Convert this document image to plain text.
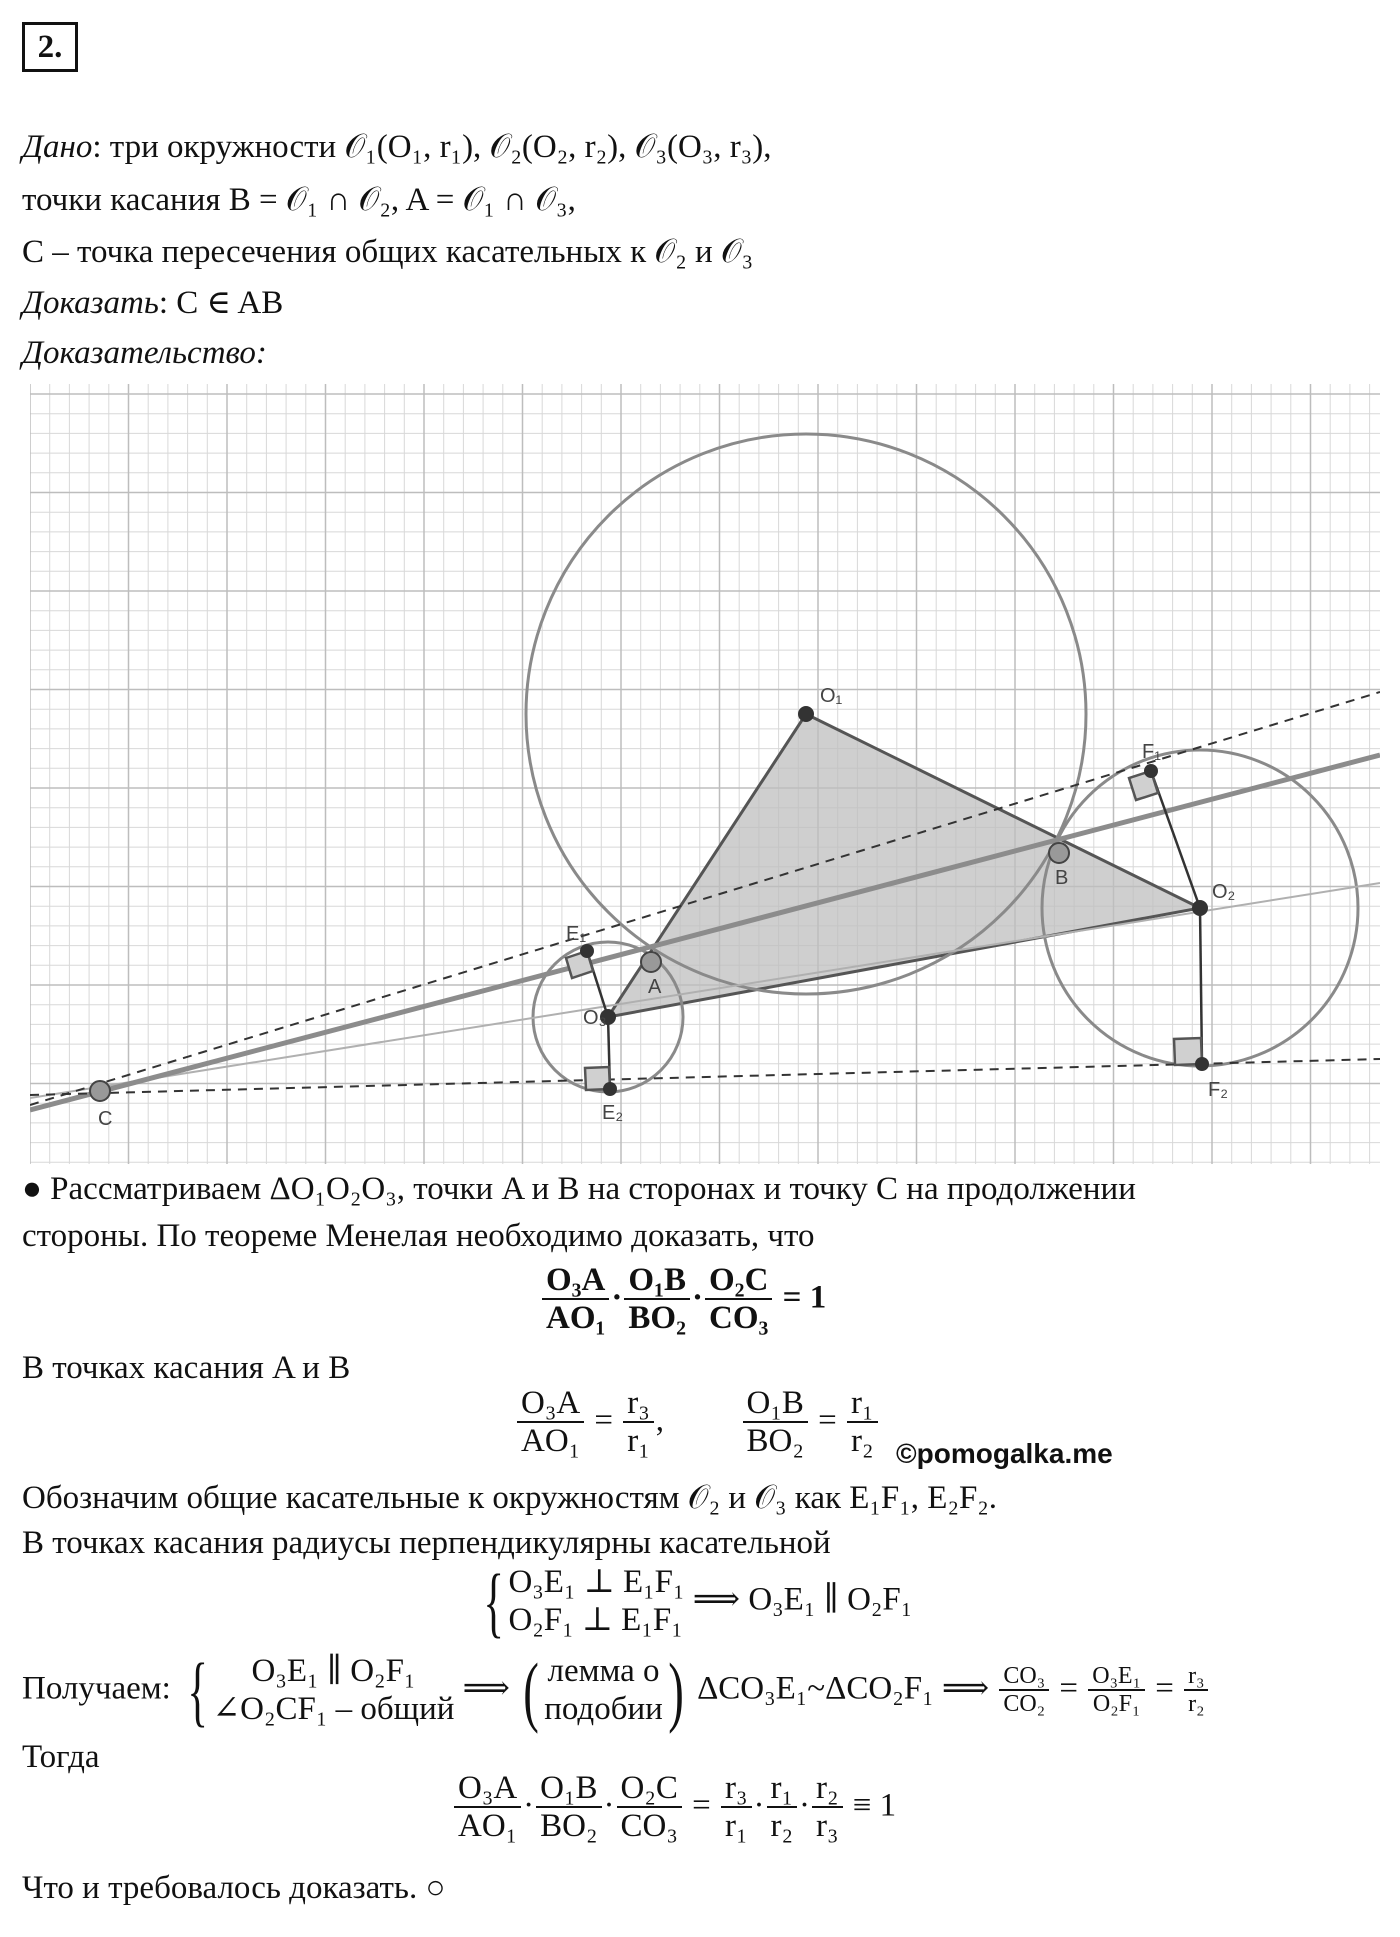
2.
Дано: три окружности 𝒪₁(O₁, r₁), 𝒪₂(O₂, r₂), 𝒪₃(O₃, r₃),
точки касания B = 𝒪₁ ∩ 𝒪₂, A = 𝒪₁ ∩ 𝒪₃,
C – точка пересечения общих касательных к 𝒪₂ и 𝒪₃
Доказать: C ∈ AB
Доказательство:
O₁
O₂
O₃
A
B
C
E₁
E₂
F₁
F₂
● Рассматриваем ΔO₁O₂O₃, точки A и B на сторонах и точку C на продолжении
стороны. По теореме Менелая необходимо доказать, что
$\frac{\text{O₃A}}{\text{AO₁}} \cdot \frac{\text{O₁B}}{\text{BO₂}} \cdot \frac{\text{O₂C}}{\text{CO₃}} = 1$
В точках касания A и B
$\frac{\text{O₃A}}{\text{AO₁}} = \frac{\text{r₃}}{\text{r₁}}$ , $\frac{\text{O₁B}}{\text{BO₂}} = \frac{\text{r₁}}{\text{r₂}}$ ©pomogalka.me
Обозначим общие касательные к окружностям 𝒪₂ и 𝒪₃ как E₁F₁, E₂F₂.
В точках касания радиусы перпендикулярны касательной
{ O₃E₁ ⊥ E₁F₁
O₂F₁ ⊥ E₁F₁
⟹ O₃E₁ ∥ O₂F₁
Получаем: { O₃E₁ ∥ O₂F₁
∠O₂CF₁ – общий
⟹ ( лемма о
подобии ) ΔCO₃E₁~ΔCO₂F₁ ⟹ $\frac{\text{CO₃}}{\text{CO₂}} = \frac{\text{O₃E₁}}{\text{O₂F₁}} = \frac{\text{r₃}}{\text{r₂}}$
Тогда
$\frac{\text{O₃A}}{\text{AO₁}} \cdot \frac{\text{O₁B}}{\text{BO₂}} \cdot \frac{\text{O₂C}}{\text{CO₃}} = \frac{\text{r₃}}{\text{r₁}} \cdot \frac{\text{r₁}}{\text{r₂}} \cdot \frac{\text{r₂}}{\text{r₃}} \equiv 1$
Что и требовалось доказать. ○
